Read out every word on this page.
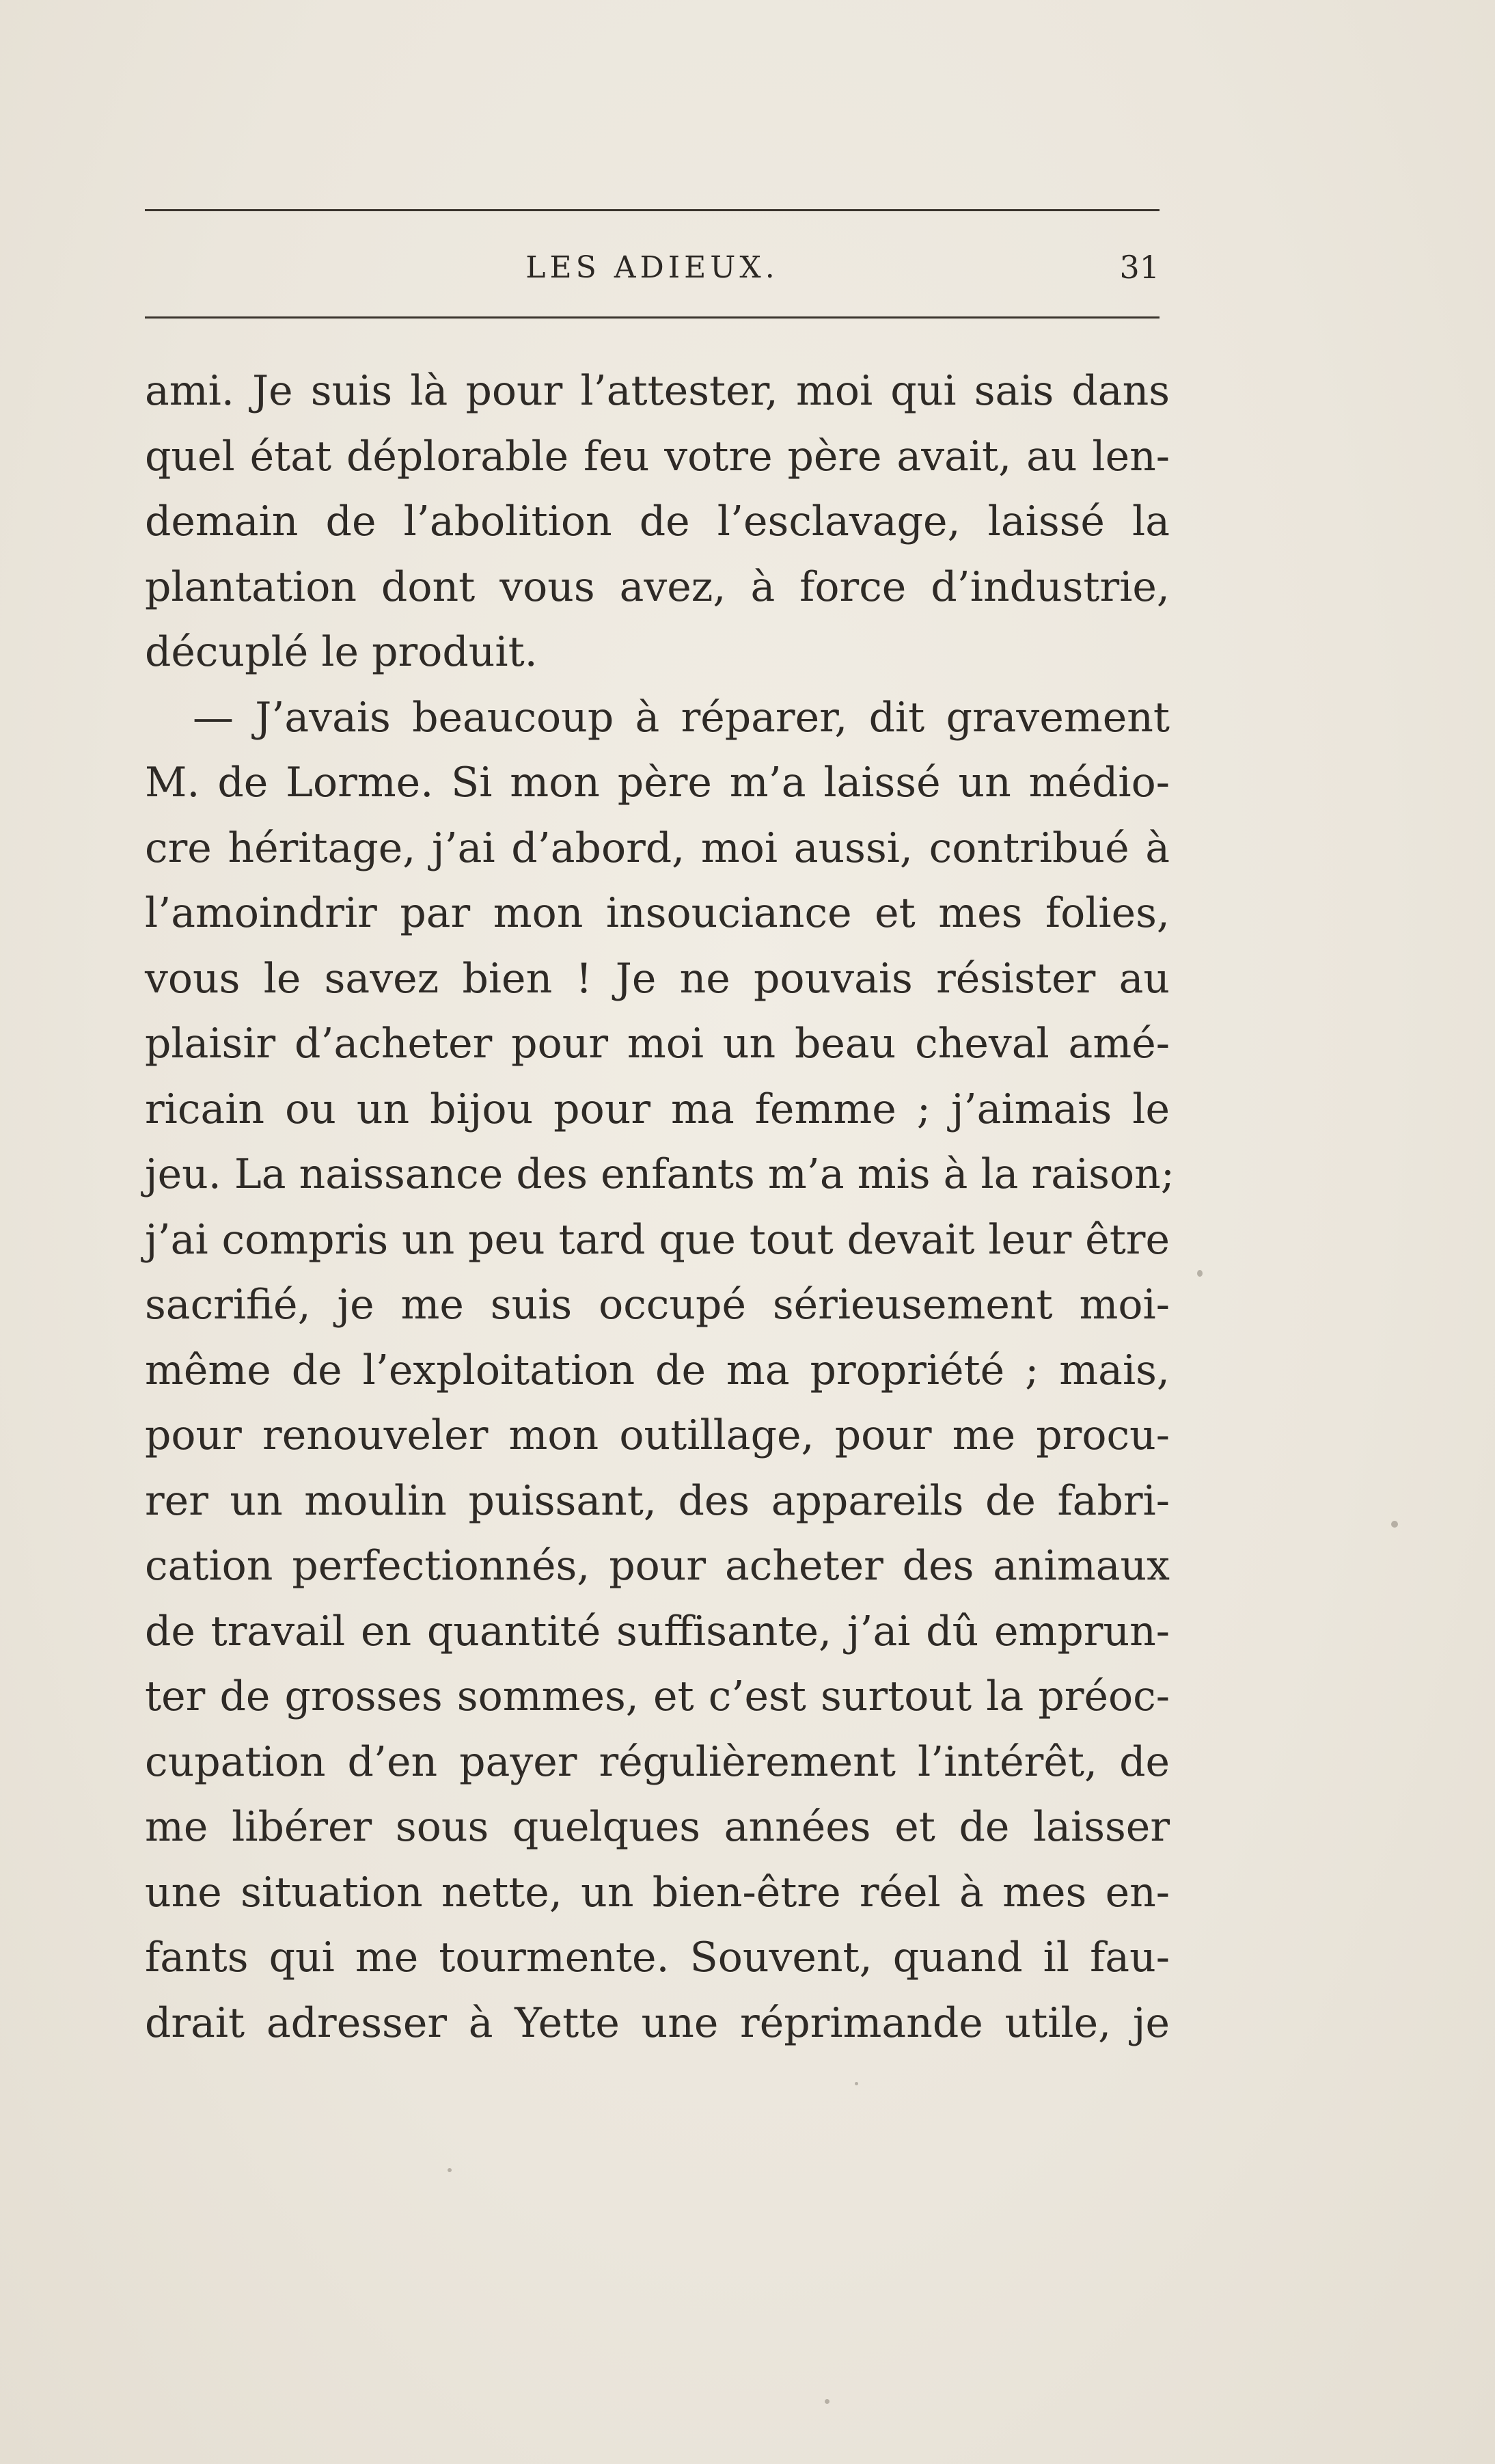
LES ADIEUX.	31
ami. Je suis là pour l’attester, moi qui sais dans
quel état déplorable feu votre père avait, au len-
demain de l’abolition de l’esclavage, laissé la
plantation dont vous avez, à force d’industrie,
décuplé le produit.
— J’avais beaucoup à réparer, dit gravement
M. de Lorme. Si mon père m’a laissé un médio-
cre héritage, j’ai d’abord, moi aussi, contribué à
l’amoindrir par mon insouciance et mes folies,
vous le savez bien ! Je ne pouvais résister au
plaisir d’acheter pour moi un beau cheval amé-
ricain ou un bijou pour ma femme ; j’aimais le
jeu. La naissance des enfants m’a mis à la raison;
j’ai compris un peu tard que tout devait leur être
sacrifié, je me suis occupé sérieusement moi-
même de l’exploitation de ma propriété ; mais,
pour renouveler mon outillage, pour me procu-
rer un moulin puissant, des appareils de fabri-
cation perfectionnés, pour acheter des animaux
de travail en quantité suffisante, j’ai dû emprun-
ter de grosses sommes, et c’est surtout la préoc-
cupation d’en payer régulièrement l’intérêt, de
me libérer sous quelques années et de laisser
une situation nette, un bien-être réel à mes en-
fants qui me tourmente. Souvent, quand il fau-
drait adresser à Yette une réprimande utile, je
